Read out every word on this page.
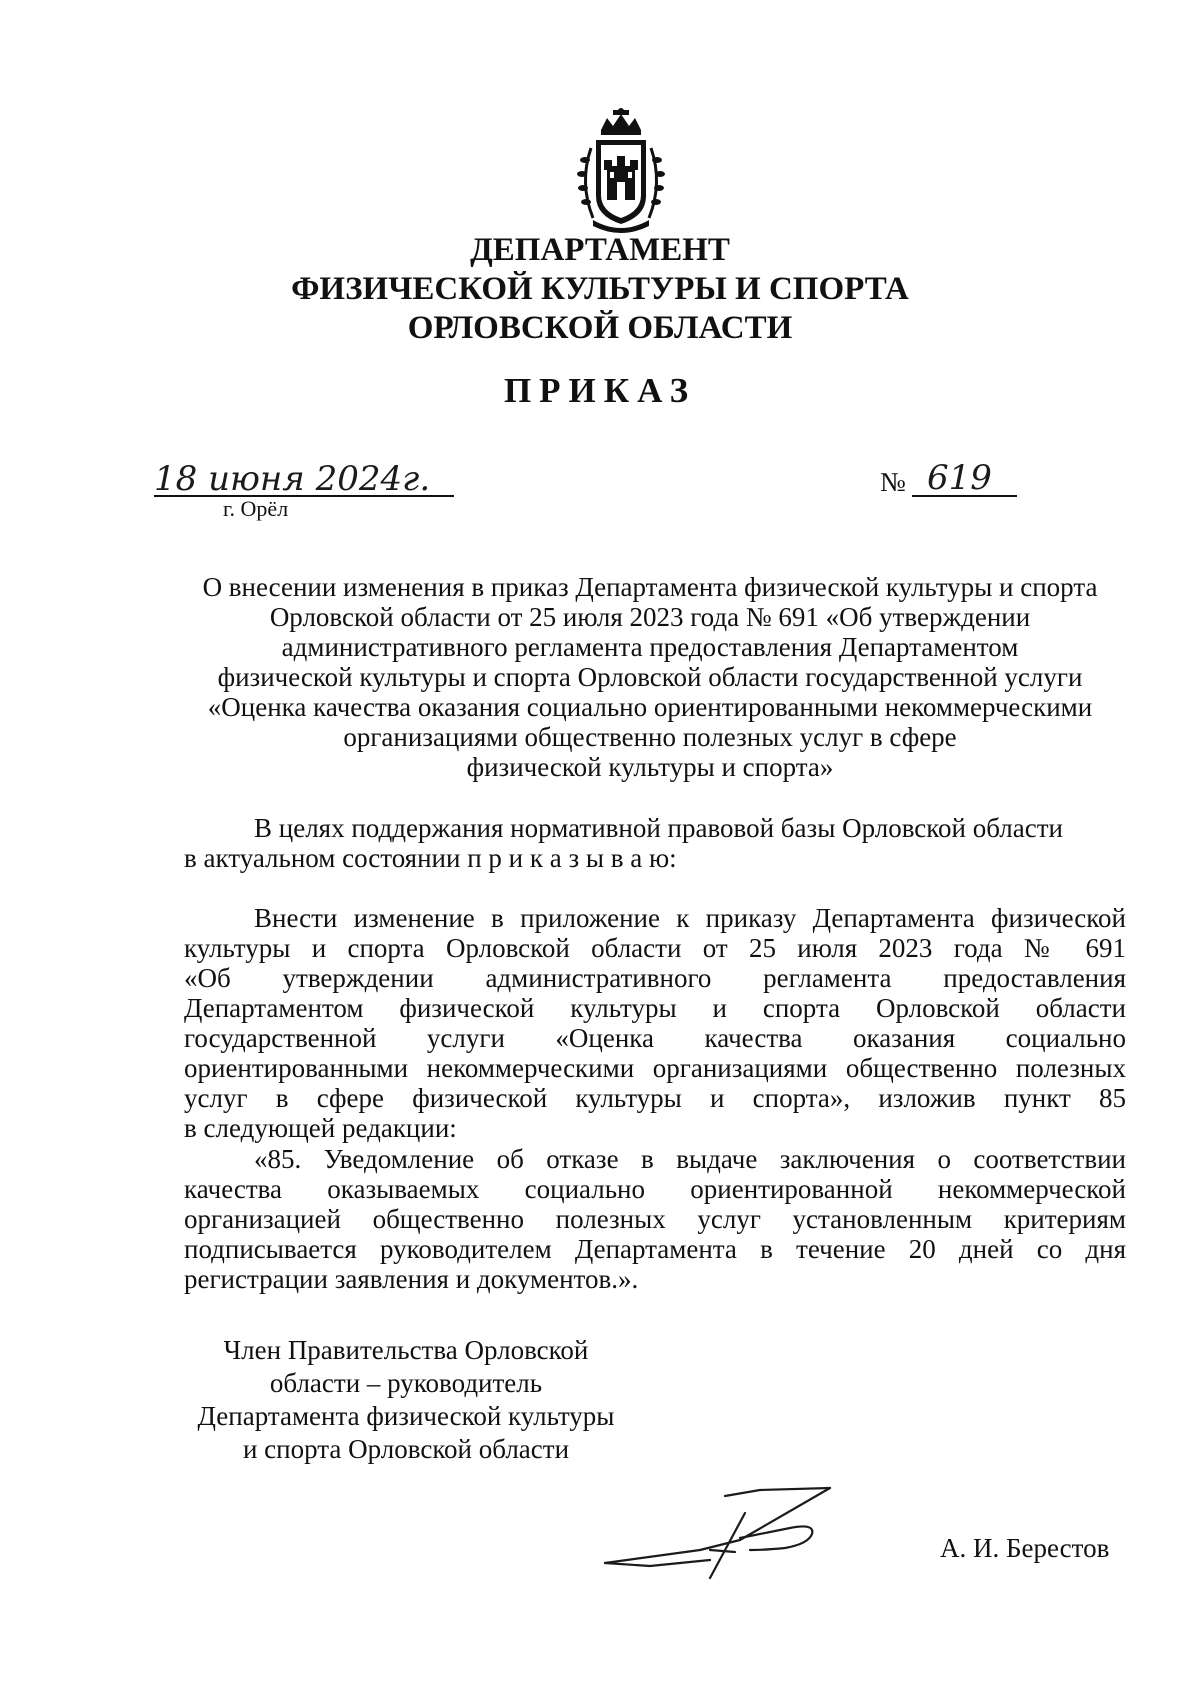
ДЕПАРТАМЕНТ
ФИЗИЧЕСКОЙ КУЛЬТУРЫ И СПОРТА
ОРЛОВСКОЙ ОБЛАСТИ
ПРИКАЗ
18 июня 2024г.
г. Орёл
№ 619
О внесении изменения в приказ Департамента физической культуры и спорта
Орловской области от 25 июля 2023 года № 691 «Об утверждении
административного регламента предоставления Департаментом
физической культуры и спорта Орловской области государственной услуги
«Оценка качества оказания социально ориентированными некоммерческими
организациями общественно полезных услуг в сфере
физической культуры и спорта»
В целях поддержания нормативной правовой базы Орловской области
в актуальном состоянии п р и к а з ы в а ю:
Внести изменение в приложение к приказу Департамента физической
культуры и спорта Орловской области от 25 июля 2023 года № 691
«Об утверждении административного регламента предоставления
Департаментом физической культуры и спорта Орловской области
государственной услуги «Оценка качества оказания социально
ориентированными некоммерческими организациями общественно полезных
услуг в сфере физической культуры и спорта», изложив пункт 85
в следующей редакции:
«85. Уведомление об отказе в выдаче заключения о соответствии
качества оказываемых социально ориентированной некоммерческой
организацией общественно полезных услуг установленным критериям
подписывается руководителем Департамента в течение 20 дней со дня
регистрации заявления и документов.».
Член Правительства Орловской
области – руководитель
Департамента физической культуры
и спорта Орловской области
А. И. Берестов
